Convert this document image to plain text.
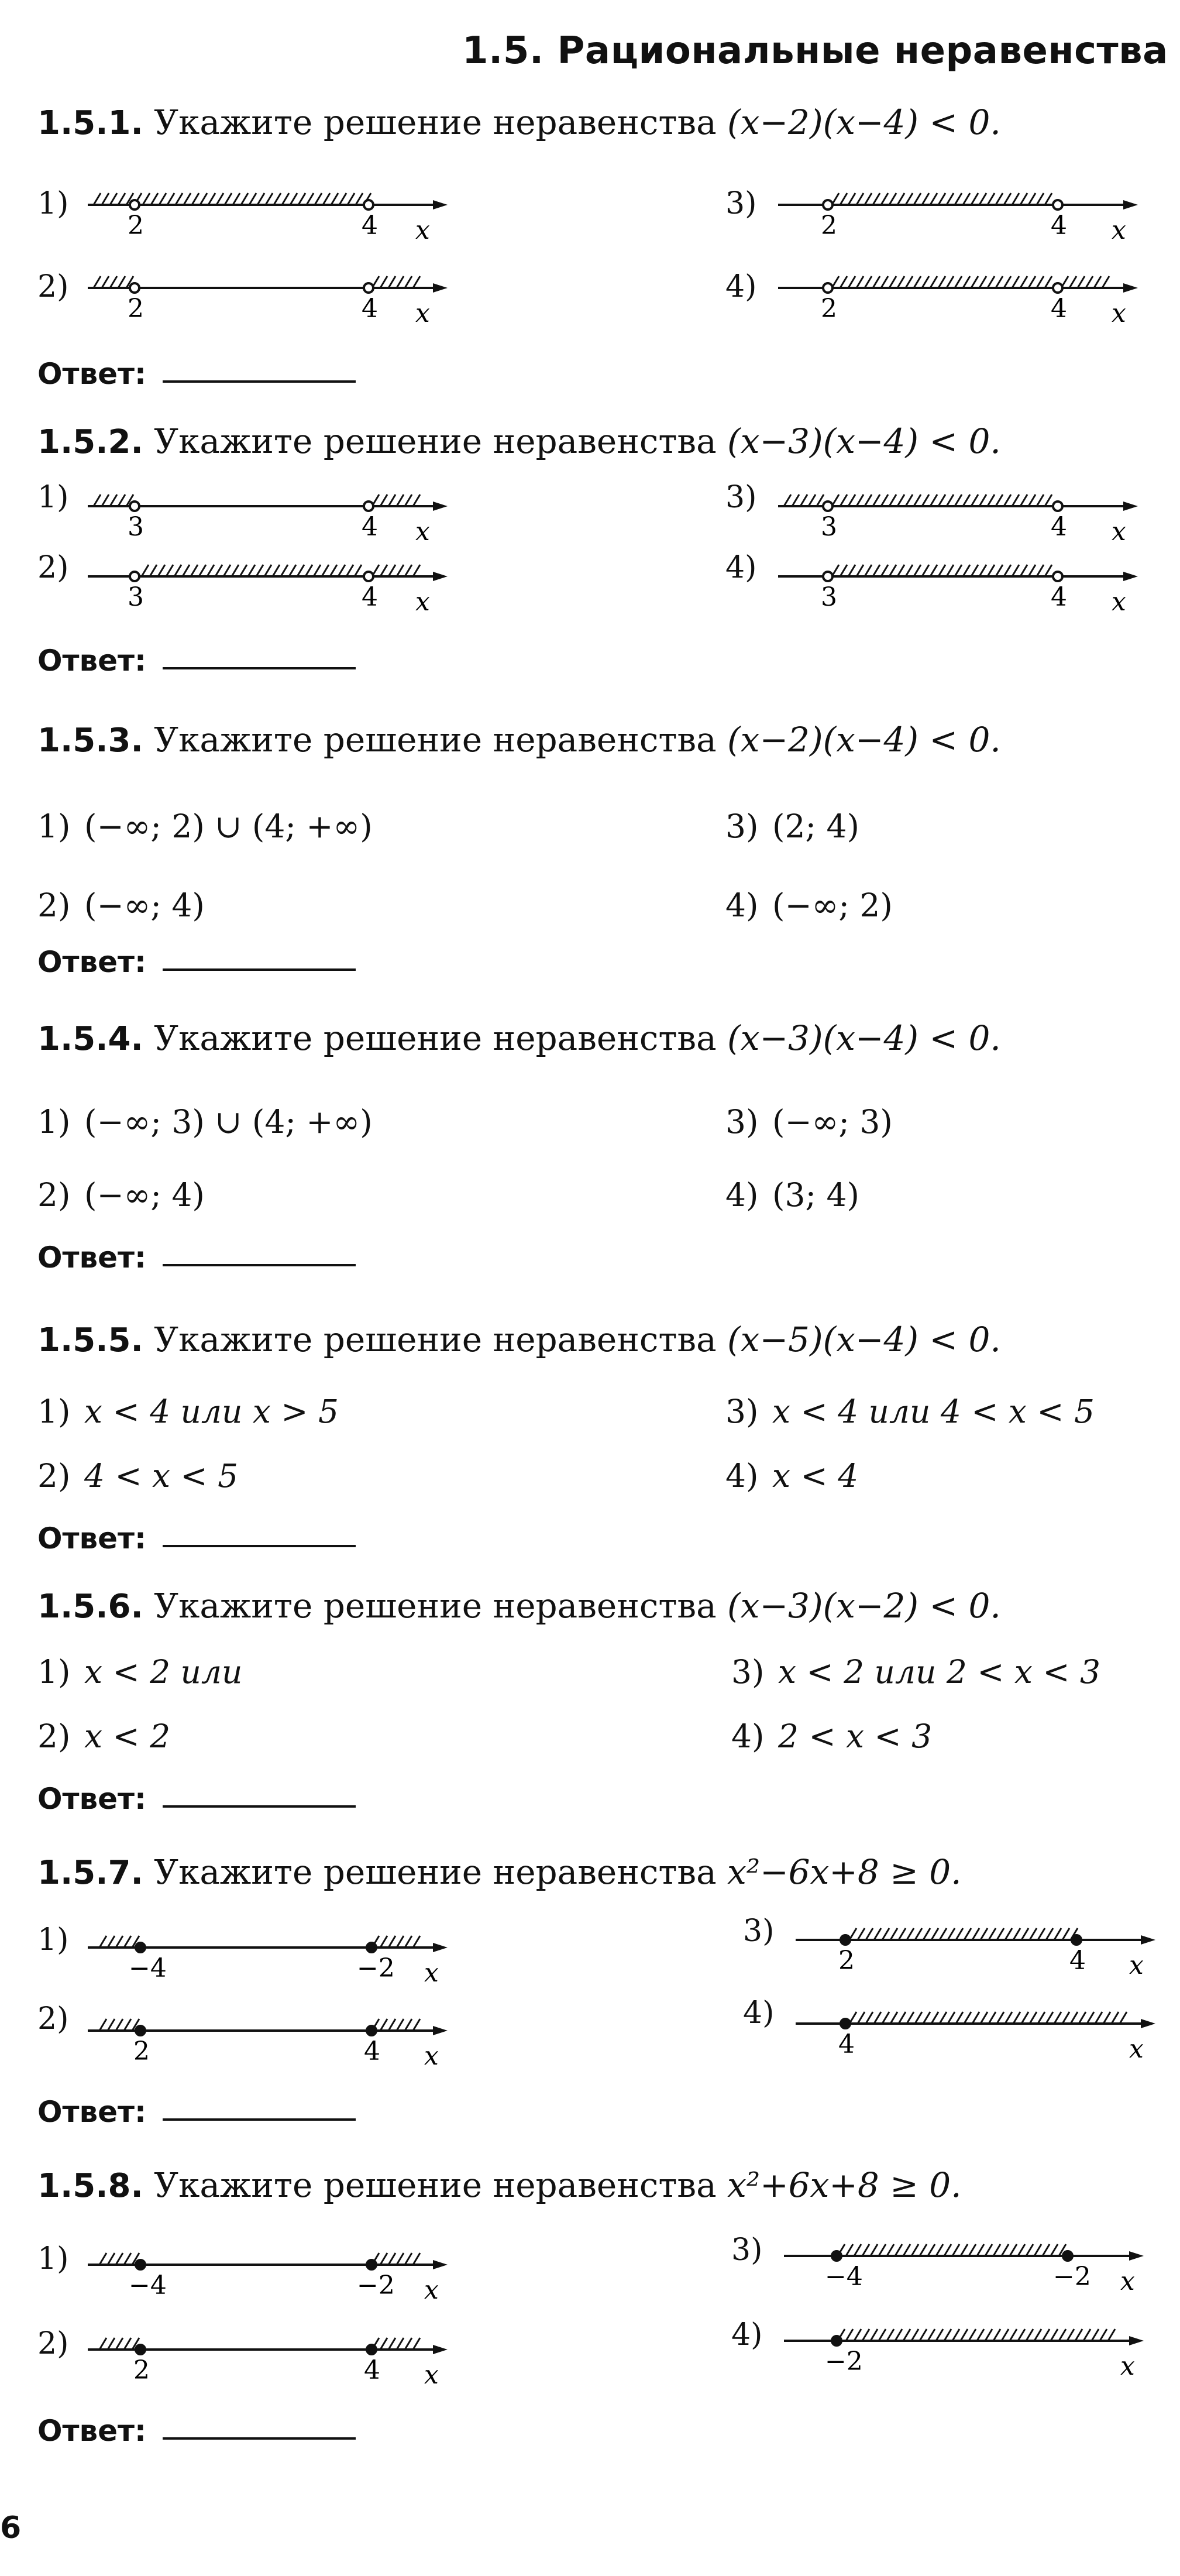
1.5. Рациональные неравенства
1.5.1. Укажите решение неравенства (x−2)(x−4) < 0.
1)
2	4 x
3)
2	4 x
2)
2	4 x
4)
2	4 x
Ответ:
1.5.2. Укажите решение неравенства (x−3)(x−4) < 0.
1)
3	4 x
3)
3	4 x
2)
3	4 x
4)
3	4 x
Ответ:
1.5.3. Укажите решение неравенства (x−2)(x−4) < 0.
1) (−∞; 2) ∪ (4; +∞)	3) (2; 4)
2) (−∞; 4)	4) (−∞; 2)
Ответ:
1.5.4. Укажите решение неравенства (x−3)(x−4) < 0.
1) (−∞; 3) ∪ (4; +∞)	3) (−∞; 3)
2) (−∞; 4)	4) (3; 4)
Ответ:
1.5.5. Укажите решение неравенства (x−5)(x−4) < 0.
1) x < 4 или x > 5	3) x < 4 или 4 < x < 5
2) 4 < x < 5	4) x < 4
Ответ:
1.5.6. Укажите решение неравенства (x−3)(x−2) < 0.
1) x < 2 или	3) x < 2 или 2 < x < 3
2) x < 2	4) 2 < x < 3
Ответ:
1.5.7. Укажите решение неравенства x²−6x+8 ≥ 0.
1)
−4	−2 x
3)
2	4 x
2)
2	4 x
4)
4	x
Ответ:
1.5.8. Укажите решение неравенства x²+6x+8 ≥ 0.
1)
−4	−2 x
3)
−4	−2 x
2)
2	4 x
4)
−2	x
Ответ:
6
